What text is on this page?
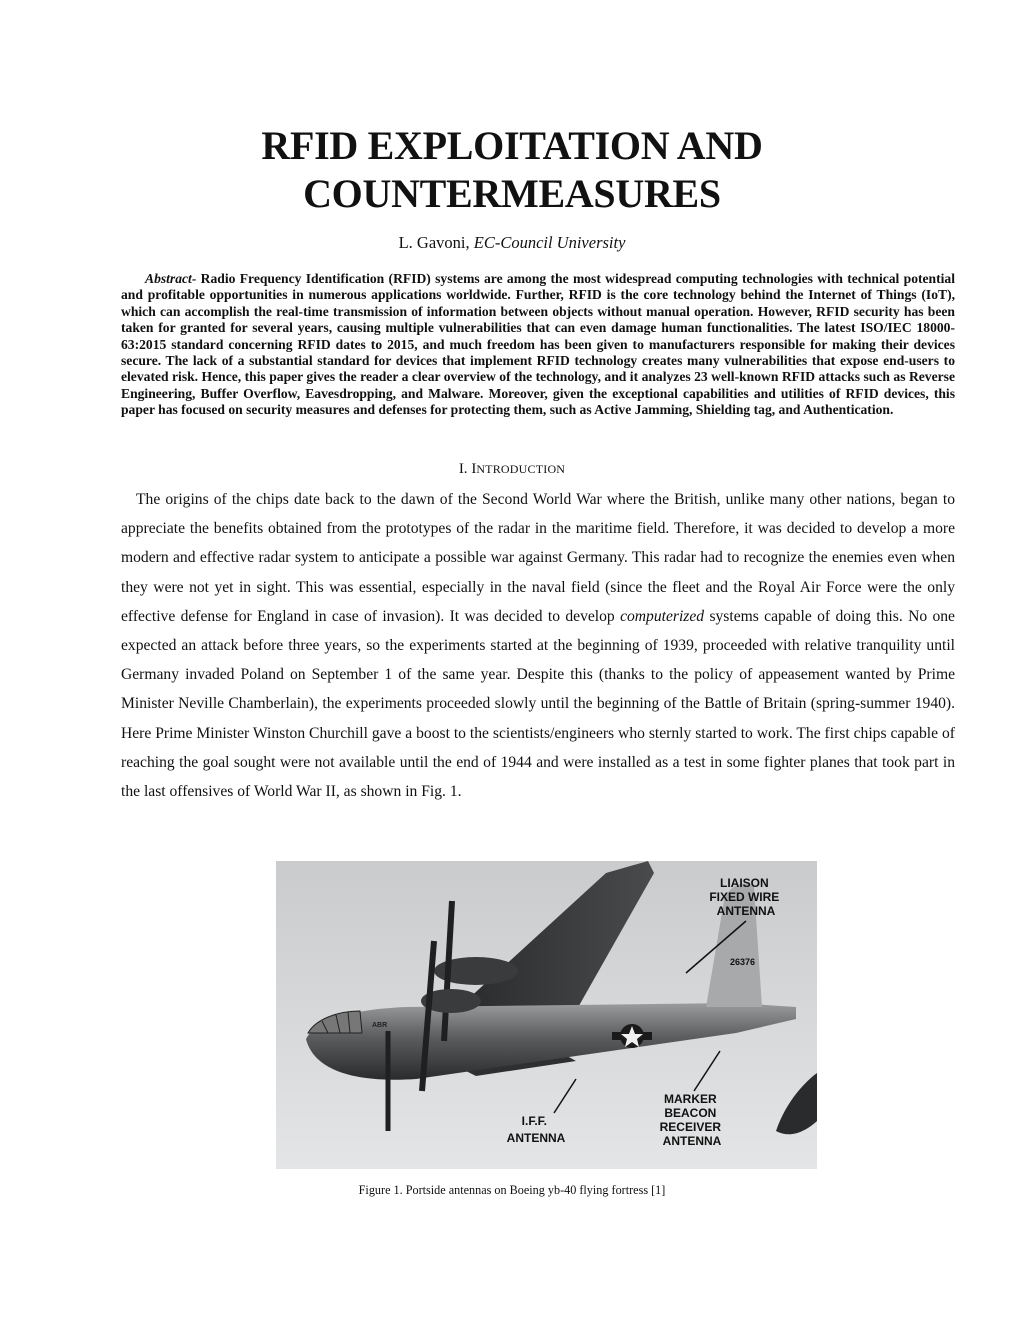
RFID EXPLOITATION AND
COUNTERMEASURES
L. Gavoni, EC-Council University
Abstract- Radio Frequency Identification (RFID) systems are among the most widespread computing technologies with technical potential and profitable opportunities in numerous applications worldwide. Further, RFID is the core technology behind the Internet of Things (IoT), which can accomplish the real-time transmission of information between objects without manual operation. However, RFID security has been taken for granted for several years, causing multiple vulnerabilities that can even damage human functionalities. The latest ISO/IEC 18000-63:2015 standard concerning RFID dates to 2015, and much freedom has been given to manufacturers responsible for making their devices secure. The lack of a substantial standard for devices that implement RFID technology creates many vulnerabilities that expose end-users to elevated risk. Hence, this paper gives the reader a clear overview of the technology, and it analyzes 23 well-known RFID attacks such as Reverse Engineering, Buffer Overflow, Eavesdropping, and Malware. Moreover, given the exceptional capabilities and utilities of RFID devices, this paper has focused on security measures and defenses for protecting them, such as Active Jamming, Shielding tag, and Authentication.
I. INTRODUCTION
The origins of the chips date back to the dawn of the Second World War where the British, unlike many other nations, began to appreciate the benefits obtained from the prototypes of the radar in the maritime field. Therefore, it was decided to develop a more modern and effective radar system to anticipate a possible war against Germany. This radar had to recognize the enemies even when they were not yet in sight. This was essential, especially in the naval field (since the fleet and the Royal Air Force were the only effective defense for England in case of invasion). It was decided to develop computerized systems capable of doing this. No one expected an attack before three years, so the experiments started at the beginning of 1939, proceeded with relative tranquility until Germany invaded Poland on September 1 of the same year. Despite this (thanks to the policy of appeasement wanted by Prime Minister Neville Chamberlain), the experiments proceeded slowly until the beginning of the Battle of Britain (spring-summer 1940). Here Prime Minister Winston Churchill gave a boost to the scientists/engineers who sternly started to work. The first chips capable of reaching the goal sought were not available until the end of 1944 and were installed as a test in some fighter planes that took part in the last offensives of World War II, as shown in Fig. 1.
26376
ABR
LIAISON FIXED WIRE ANTENNA
I.F.F. ANTENNA
MARKER BEACON RECEIVER ANTENNA
Figure 1. Portside antennas on Boeing yb-40 flying fortress [1]
